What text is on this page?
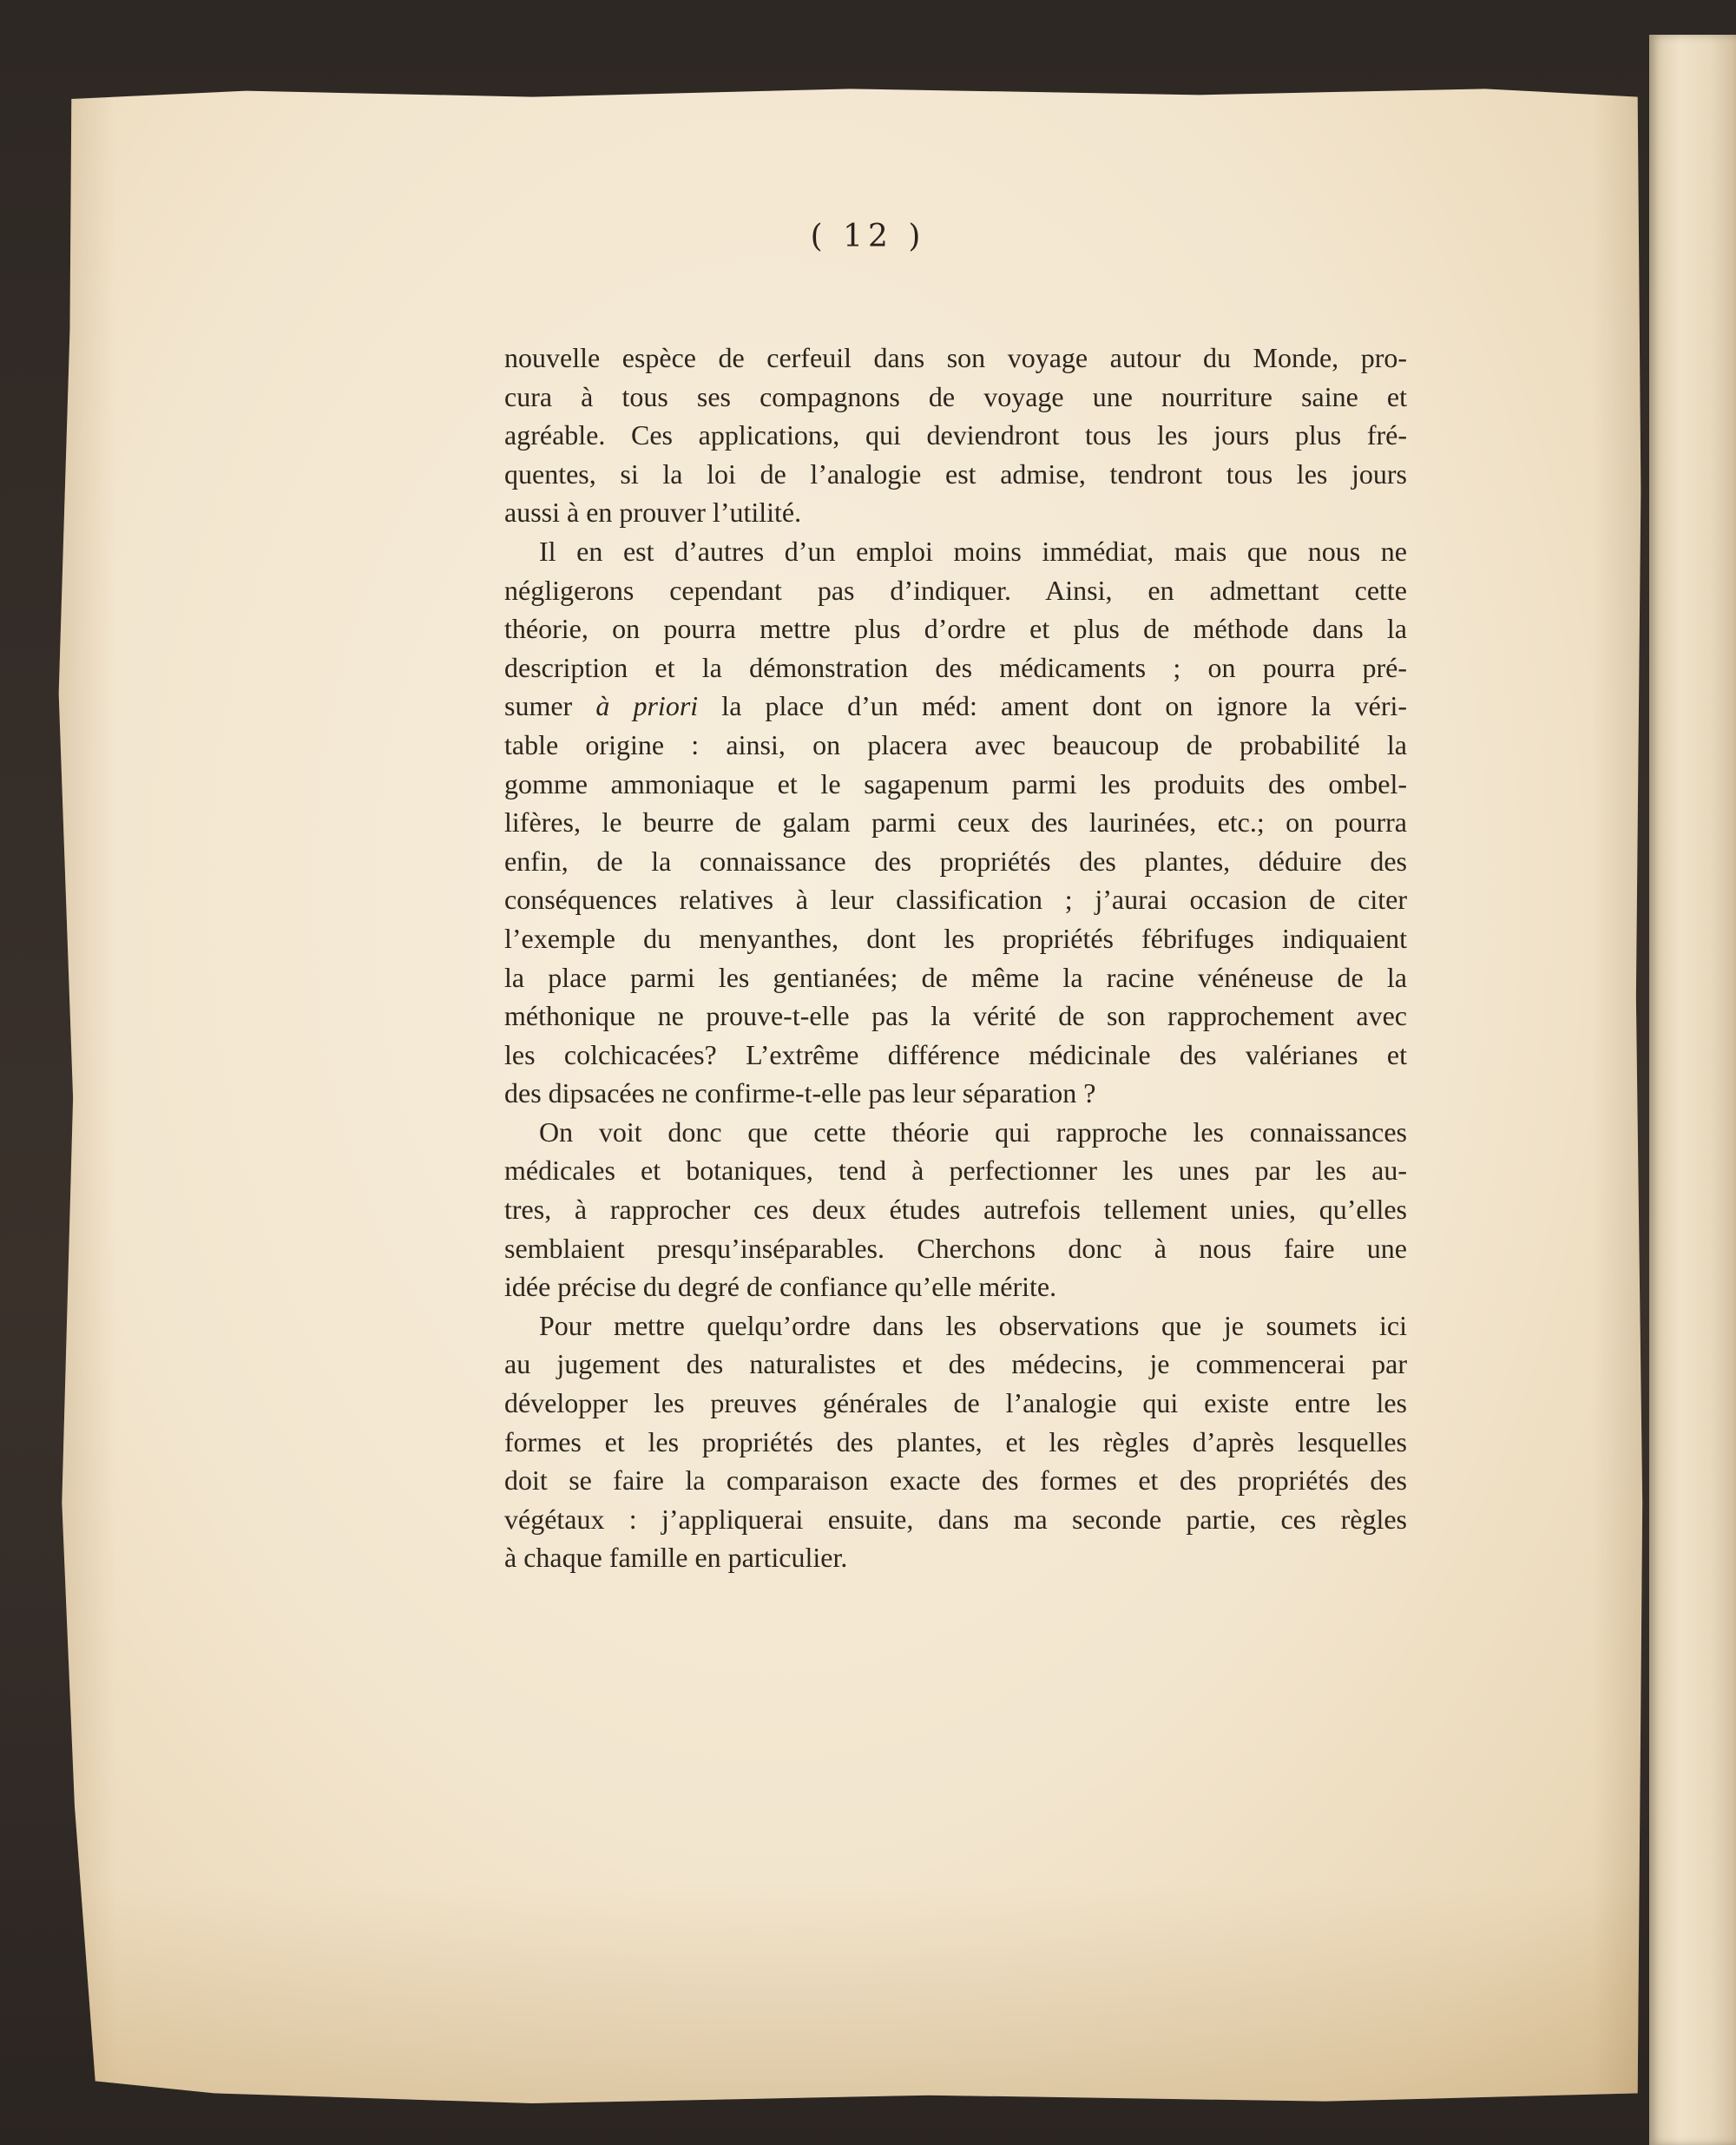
( 12 )
nouvelle espèce de cerfeuil dans son voyage autour du Monde, pro-
cura à tous ses compagnons de voyage une nourriture saine et
agréable. Ces applications, qui deviendront tous les jours plus fré-
quentes, si la loi de l’analogie est admise, tendront tous les jours
aussi à en prouver l’utilité.
Il en est d’autres d’un emploi moins immédiat, mais que nous ne
négligerons cependant pas d’indiquer. Ainsi, en admettant cette
théorie, on pourra mettre plus d’ordre et plus de méthode dans la
description et la démonstration des médicaments ; on pourra pré-
sumer à priori la place d’un méd: ament dont on ignore la véri-
table origine : ainsi, on placera avec beaucoup de probabilité la
gomme ammoniaque et le sagapenum parmi les produits des ombel-
lifères, le beurre de galam parmi ceux des laurinées, etc.; on pourra
enfin, de la connaissance des propriétés des plantes, déduire des
conséquences relatives à leur classification ; j’aurai occasion de citer
l’exemple du menyanthes, dont les propriétés fébrifuges indiquaient
la place parmi les gentianées; de même la racine vénéneuse de la
méthonique ne prouve-t-elle pas la vérité de son rapprochement avec
les colchicacées? L’extrême différence médicinale des valérianes et
des dipsacées ne confirme-t-elle pas leur séparation ?
On voit donc que cette théorie qui rapproche les connaissances
médicales et botaniques, tend à perfectionner les unes par les au-
tres, à rapprocher ces deux études autrefois tellement unies, qu’elles
semblaient presqu’inséparables. Cherchons donc à nous faire une
idée précise du degré de confiance qu’elle mérite.
Pour mettre quelqu’ordre dans les observations que je soumets ici
au jugement des naturalistes et des médecins, je commencerai par
développer les preuves générales de l’analogie qui existe entre les
formes et les propriétés des plantes, et les règles d’après lesquelles
doit se faire la comparaison exacte des formes et des propriétés des
végétaux : j’appliquerai ensuite, dans ma seconde partie, ces règles
à chaque famille en particulier.
